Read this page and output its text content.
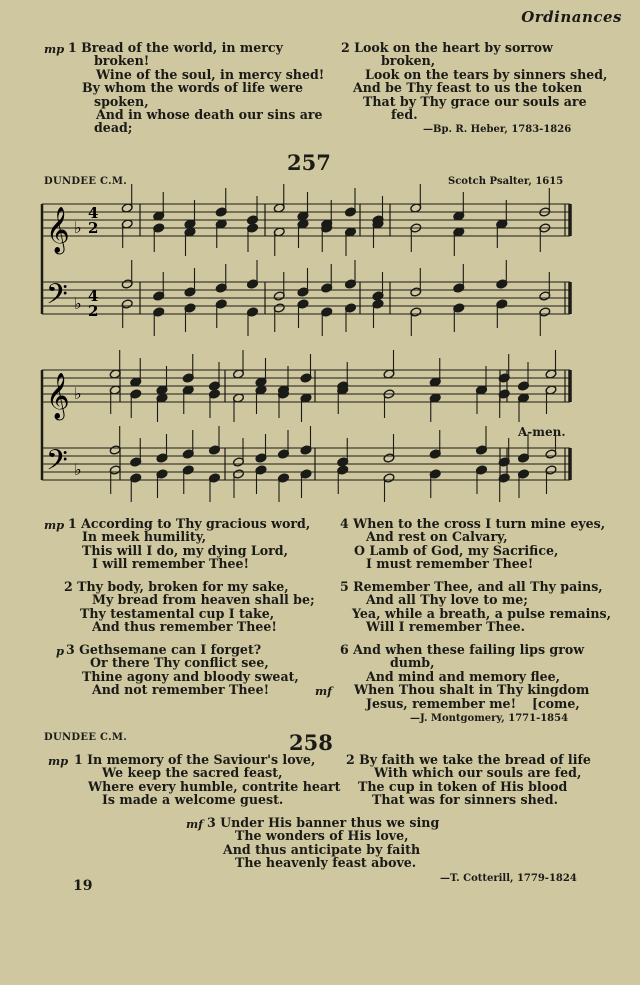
Ordinances
mp 1 Bread of the world, in mercy
broken!
Wine of the soul, in mercy shed!
By whom the words of life were
spoken,
And in whose death our sins are
dead;
2 Look on the heart by sorrow
broken,
Look on the tears by sinners shed,
And be Thy feast to us the token
That by Thy grace our souls are
fed.
—Bp. R. Heber, 1783-1826
257
DUNDEE C.M.	Scotch Psalter, 1615
𝄞
𝄢
♭
♭
4
2
4
2
𝄞
𝄢
♭
♭
A-men.
mp 1 According to Thy gracious word,
In meek humility,
This will I do, my dying Lord,
I will remember Thee!
2 Thy body, broken for my sake,
My bread from heaven shall be;
Thy testamental cup I take,
And thus remember Thee!
p 3 Gethsemane can I forget?
Or there Thy conflict see,
Thine agony and bloody sweat,
And not remember Thee!
4 When to the cross I turn mine eyes,
And rest on Calvary,
O Lamb of God, my Sacrifice,
I must remember Thee!
5 Remember Thee, and all Thy pains,
And all Thy love to me;
Yea, while a breath, a pulse remains,
Will I remember Thee.
6 And when these failing lips grow
dumb,
And mind and memory flee,
When Thou shalt in Thy kingdom
Jesus, remember me!
mf
[come,
—J. Montgomery, 1771-1854
DUNDEE C.M.	258
mp 1 In memory of the Saviour's love,
We keep the sacred feast,
Where every humble, contrite heart
Is made a welcome guest.
2 By faith we take the bread of life
With which our souls are fed,
The cup in token of His blood
That was for sinners shed.
mf 3 Under His banner thus we sing
The wonders of His love,
And thus anticipate by faith
The heavenly feast above.
—T. Cotterill, 1779-1824
19
